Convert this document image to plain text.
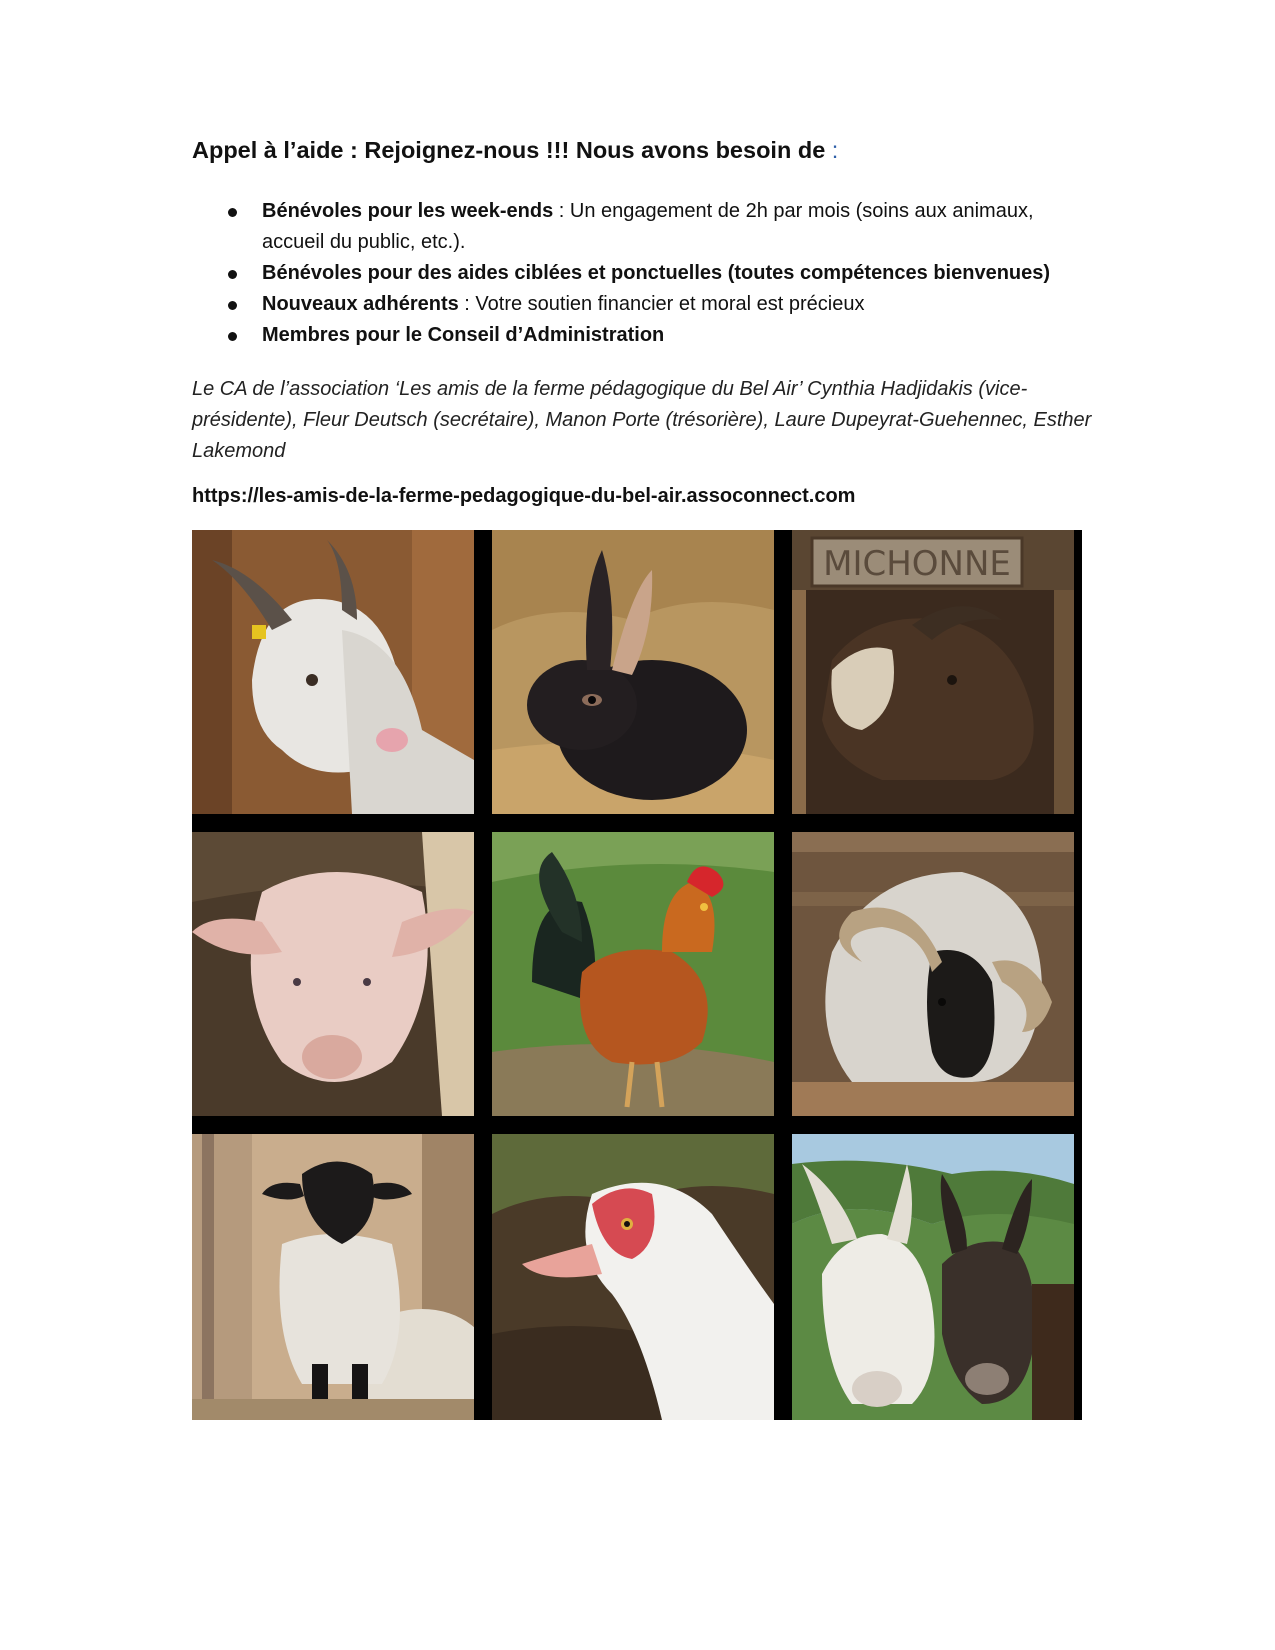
Appel à l’aide : Rejoignez-nous !!! Nous avons besoin de :
Bénévoles pour les week-ends : Un engagement de 2h par mois (soins aux animaux, accueil du public, etc.).
Bénévoles pour des aides ciblées et ponctuelles (toutes compétences bienvenues)
Nouveaux adhérents : Votre soutien financier et moral est précieux
Membres pour le Conseil d’Administration
Le CA de l’association ‘Les amis de la ferme pédagogique du Bel Air’ Cynthia Hadjidakis (vice-présidente), Fleur Deutsch (secrétaire), Manon Porte (trésorière), Laure Dupeyrat-Guehennec, Esther Lakemond
https://les-amis-de-la-ferme-pedagogique-du-bel-air.assoconnect.com
MICHONNE
